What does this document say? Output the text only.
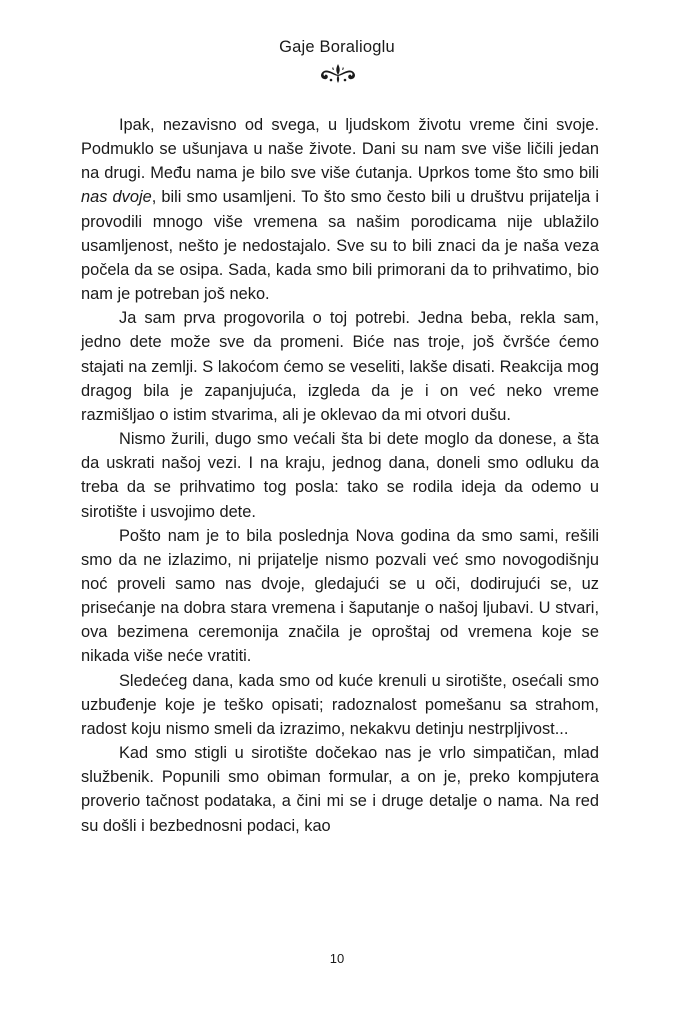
Gaje Boralioglu

Ipak, nezavisno od svega, u ljudskom životu vreme čini svoje. Podmuklo se ušunjava u naše živote. Dani su nam sve više ličili jedan na drugi. Među nama je bilo sve više ćutanja. Uprkos tome što smo bili nas dvoje, bili smo usamljeni. To što smo često bili u društvu prijatelja i provodili mnogo više vremena sa našim porodicama nije ublažilo usamljenost, nešto je nedostajalo. Sve su to bili znaci da je naša veza počela da se osipa. Sada, kada smo bili primorani da to prihvatimo, bio nam je potreban još neko.

Ja sam prva progovorila o toj potrebi. Jedna beba, rekla sam, jedno dete može sve da promeni. Biće nas troje, još čvršće ćemo stajati na zemlji. S lakoćom ćemo se veseliti, lakše disati. Reakcija mog dragog bila je zapanjujuća, izgleda da je i on već neko vreme razmišljao o istim stvarima, ali je oklevao da mi otvori dušu.

Nismo žurili, dugo smo većali šta bi dete moglo da donese, a šta da uskrati našoj vezi. I na kraju, jednog dana, doneli smo odluku da treba da se prihvatimo tog posla: tako se rodila ideja da odemo u sirotište i usvojimo dete.

Pošto nam je to bila poslednja Nova godina da smo sami, rešili smo da ne izlazimo, ni prijatelje nismo pozvali već smo novogodišnju noć proveli samo nas dvoje, gledajući se u oči, dodirujući se, uz prisećanje na dobra stara vremena i šaputanje o našoj ljubavi. U stvari, ova bezimena ceremonija značila je oproštaj od vremena koje se nikada više neće vratiti.

Sledećeg dana, kada smo od kuće krenuli u sirotište, osećali smo uzbuđenje koje je teško opisati; radoznalost pomešanu sa strahom, radost koju nismo smeli da izrazimo, nekakvu detinju nestrpljivost...

Kad smo stigli u sirotište dočekao nas je vrlo simpatičan, mlad službenik. Popunili smo obiman formular, a on je, preko kompjutera proverio tačnost podataka, a čini mi se i druge detalje o nama. Na red su došli i bezbednosni podaci, kao

10
